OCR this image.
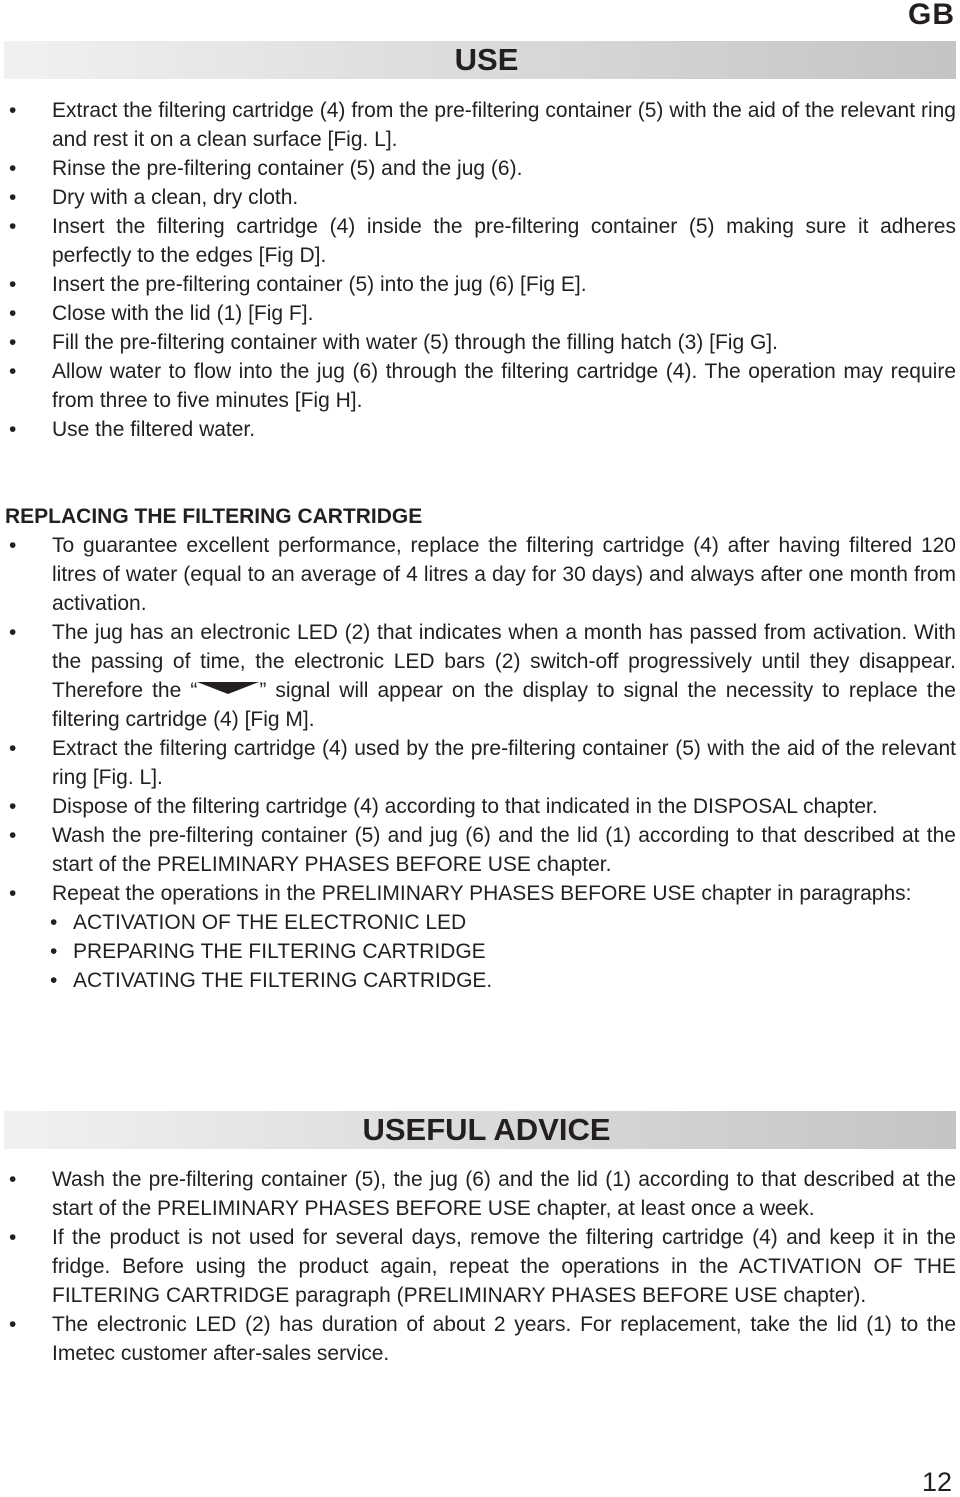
GB
USE
• Extract the filtering cartridge (4) from the pre-filtering container (5) with the aid of the relevant ring and rest it on a clean surface [Fig. L].
• Rinse the pre-filtering container (5) and the jug (6).
• Dry with a clean, dry cloth.
• Insert the filtering cartridge (4) inside the pre-filtering container (5) making sure it adheres perfectly to the edges [Fig D].
• Insert the pre-filtering container (5) into the jug (6) [Fig E].
• Close with the lid (1) [Fig F].
• Fill the pre-filtering container with water (5) through the filling hatch (3) [Fig G].
• Allow water to flow into the jug (6) through the filtering cartridge (4). The operation may require from three to five minutes [Fig H].
• Use the filtered water.
REPLACING THE FILTERING CARTRIDGE
• To guarantee excellent performance, replace the filtering cartridge (4) after having filtered 120 litres of water (equal to an average of 4 litres a day for 30 days) and always after one month from activation.
• The jug has an electronic LED (2) that indicates when a month has passed from activation. With the passing of time, the electronic LED bars (2) switch-off progressively until they disappear. Therefore the “	” signal will appear on the display to signal the necessity to replace the filtering cartridge (4) [Fig M].
• Extract the filtering cartridge (4) used by the pre-filtering container (5) with the aid of the relevant ring [Fig. L].
• Dispose of the filtering cartridge (4) according to that indicated in the DISPOSAL chapter.
• Wash the pre-filtering container (5) and jug (6) and the lid (1) according to that described at the start of the PRELIMINARY PHASES BEFORE USE chapter.
• Repeat the operations in the PRELIMINARY PHASES BEFORE USE chapter in paragraphs:
• ACTIVATION OF THE ELECTRONIC LED
• PREPARING THE FILTERING CARTRIDGE
• ACTIVATING THE FILTERING CARTRIDGE.
USEFUL ADVICE
• Wash the pre-filtering container (5), the jug (6) and the lid (1) according to that described at the start of the PRELIMINARY PHASES BEFORE USE chapter, at least once a week.
• If the product is not used for several days, remove the filtering cartridge (4) and keep it in the fridge. Before using the product again, repeat the operations in the ACTIVATION OF THE FILTERING CARTRIDGE paragraph (PRELIMINARY PHASES BEFORE USE chapter).
• The electronic LED (2) has duration of about 2 years. For replacement, take the lid (1) to the Imetec customer after-sales service.
12
